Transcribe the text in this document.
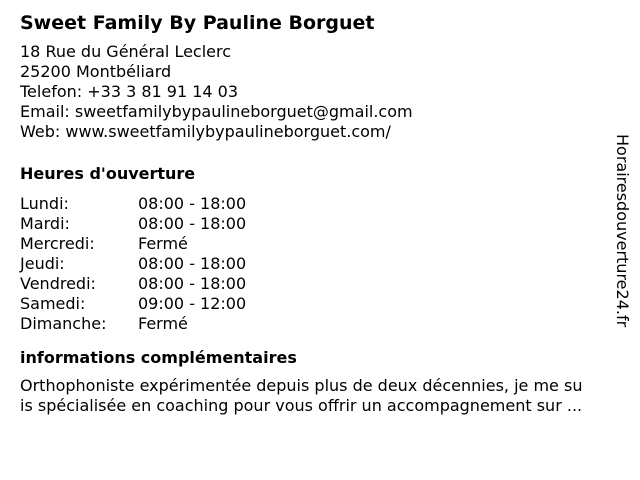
Sweet Family By Pauline Borguet
18 Rue du Général Leclerc
25200 Montbéliard
Telefon: +33 3 81 91 14 03
Email: sweetfamilybypaulineborguet@gmail.com
Web: www.sweetfamilybypaulineborguet.com/
Heures d'ouverture
Lundi:	08:00 - 18:00
Mardi:	08:00 - 18:00
Mercredi:	Fermé
Jeudi:	08:00 - 18:00
Vendredi:	08:00 - 18:00
Samedi:	09:00 - 12:00
Dimanche:	Fermé
informations complémentaires
Orthophoniste expérimentée depuis plus de deux décennies, je me su
is spécialisée en coaching pour vous offrir un accompagnement sur ...
Horairesdouverture24.fr
